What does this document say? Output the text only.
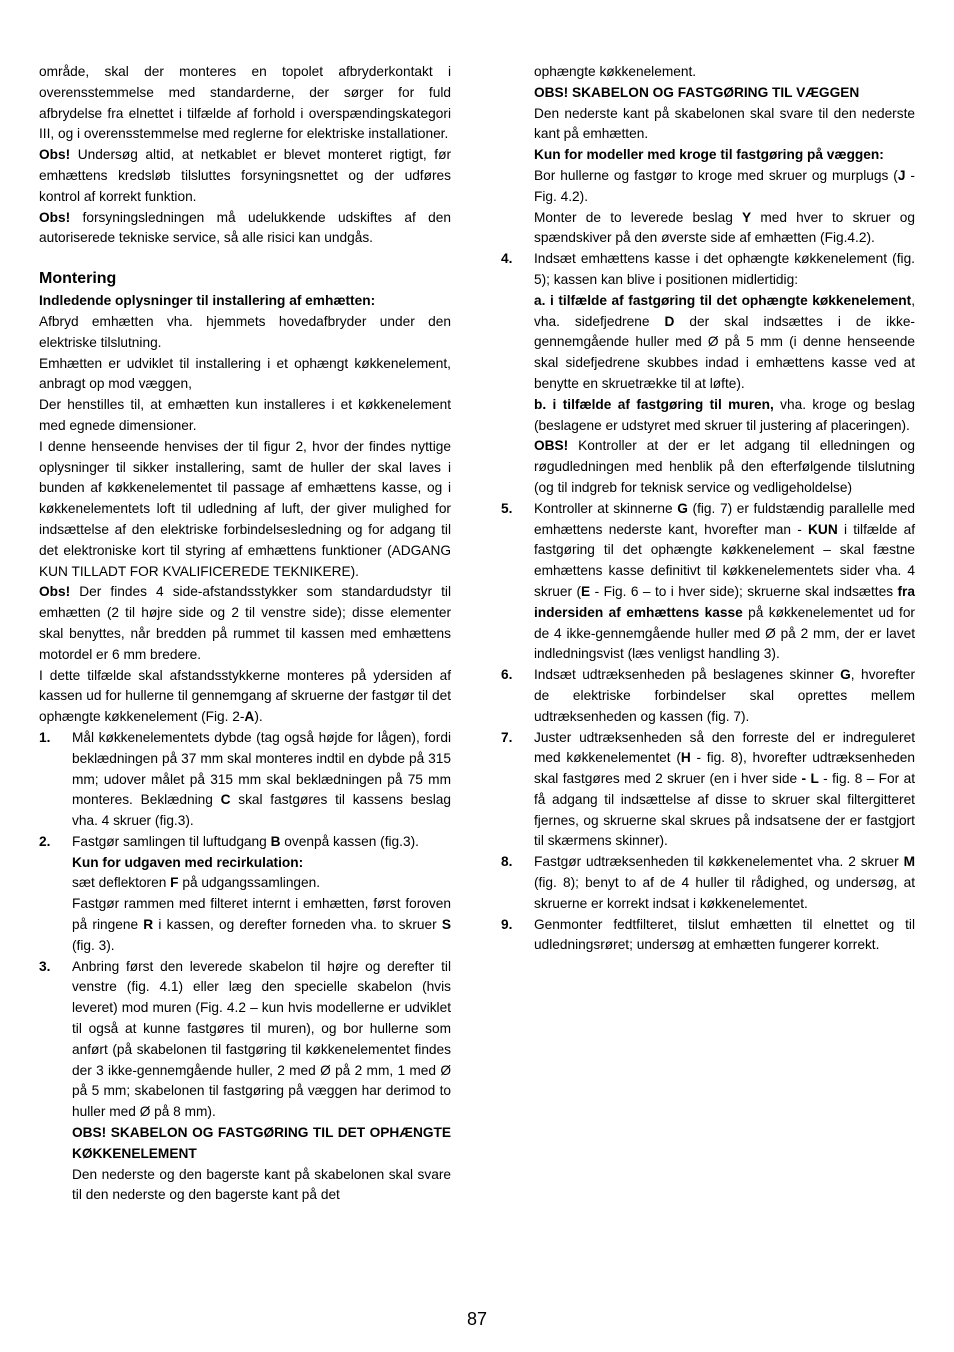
område, skal der monteres en topolet afbryderkontakt i overensstemmelse med standarderne, der sørger for fuld afbrydelse fra elnettet i tilfælde af forhold i overspændingskategori III, og i overensstemmelse med reglerne for elektriske installationer.

Obs! Undersøg altid, at netkablet er blevet monteret rigtigt, før emhættens kredsløb tilsluttes forsyningsnettet og der udføres kontrol af korrekt funktion.

Obs! forsyningsledningen må udelukkende udskiftes af den autoriserede tekniske service, så alle risici kan undgås.

Montering

Indledende oplysninger til installering af emhætten:

Afbryd emhætten vha. hjemmets hovedafbryder under den elektriske tilslutning.

Emhætten er udviklet til installering i et ophængt køkkenelement, anbragt op mod væggen,

Der henstilles til, at emhætten kun installeres i et køkkenelement med egnede dimensioner.

I denne henseende henvises der til figur 2, hvor der findes nyttige oplysninger til sikker installering, samt de huller der skal laves i bunden af køkkenelementet til passage af emhættens kasse, og i køkkenelementets loft til udledning af luft, der giver mulighed for indsættelse af den elektriske forbindelsesledning og for adgang til det elektroniske kort til styring af emhættens funktioner (ADGANG KUN TILLADT FOR KVALIFICEREDE TEKNIKERE).

Obs! Der findes 4 side-afstandsstykker som standardudstyr til emhætten (2 til højre side og 2 til venstre side); disse elementer skal benyttes, når bredden på rummet til kassen med emhættens motordel er 6 mm bredere.

I dette tilfælde skal afstandsstykkerne monteres på ydersiden af kassen ud for hullerne til gennemgang af skruerne der fastgør til det ophængte køkkenelement (Fig. 2-A).

1. Mål køkkenelementets dybde (tag også højde for lågen), fordi beklædningen på 37 mm skal monteres indtil en dybde på 315 mm; udover målet på 315 mm skal beklædningen på 75 mm monteres. Beklædning C skal fastgøres til kassens beslag vha. 4 skruer (fig.3).

2. Fastgør samlingen til luftudgang B ovenpå kassen (fig.3).

Kun for udgaven med recirkulation:

sæt deflektoren F på udgangssamlingen.

Fastgør rammen med filteret internt i emhætten, først foroven på ringene R i kassen, og derefter forneden vha. to skruer S (fig. 3).

3. Anbring først den leverede skabelon til højre og derefter til venstre (fig. 4.1) eller læg den specielle skabelon (hvis leveret) mod muren (Fig. 4.2 – kun hvis modellerne er udviklet til også at kunne fastgøres til muren), og bor hullerne som anført (på skabelonen til fastgøring til køkkenelementet findes der 3 ikke-gennemgående huller, 2 med Ø på 2 mm, 1 med Ø på 5 mm; skabelonen til fastgøring på væggen har derimod to huller med Ø på 8 mm).

OBS! SKABELON OG FASTGØRING TIL DET OPHÆNGTE KØKKENELEMENT

Den nederste og den bagerste kant på skabelonen skal svare til den nederste og den bagerste kant på det

ophængte køkkenelement.

OBS! SKABELON OG FASTGØRING TIL VÆGGEN

Den nederste kant på skabelonen skal svare til den nederste kant på emhætten.

Kun for modeller med kroge til fastgøring på væggen:

Bor hullerne og fastgør to kroge med skruer og murplugs (J - Fig. 4.2).

Monter de to leverede beslag Y med hver to skruer og spændskiver på den øverste side af emhætten (Fig.4.2).

4. Indsæt emhættens kasse i det ophængte køkkenelement (fig. 5); kassen kan blive i positionen midlertidig:

a. i tilfælde af fastgøring til det ophængte køkkenelement, vha. sidefjedrene D der skal indsættes i de ikke-gennemgående huller med Ø på 5 mm (i denne henseende skal sidefjedrene skubbes indad i emhættens kasse ved at benytte en skruetrække til at løfte).

b. i tilfælde af fastgøring til muren, vha. kroge og beslag (beslagene er udstyret med skruer til justering af placeringen).

OBS! Kontroller at der er let adgang til elledningen og røgudledningen med henblik på den efterfølgende tilslutning (og til indgreb for teknisk service og vedligeholdelse)

5. Kontroller at skinnerne G (fig. 7) er fuldstændig parallelle med emhættens nederste kant, hvorefter man - KUN i tilfælde af fastgøring til det ophængte køkkenelement – skal fæstne emhættens kasse definitivt til køkkenelementets sider vha. 4 skruer (E - Fig. 6 – to i hver side); skruerne skal indsættes fra indersiden af emhættens kasse på køkkenelementet ud for de 4 ikke-gennemgående huller med Ø på 2 mm, der er lavet indledningsvist (læs venligst handling 3).

6. Indsæt udtræksenheden på beslagenes skinner G, hvorefter de elektriske forbindelser skal oprettes mellem udtræksenheden og kassen (fig. 7).

7. Juster udtræksenheden så den forreste del er indreguleret med køkkenelementet (H - fig. 8), hvorefter udtræksenheden skal fastgøres med 2 skruer (en i hver side - L - fig. 8 – For at få adgang til indsættelse af disse to skruer skal filtergitteret fjernes, og skruerne skal skrues på indsatsene der er fastgjort til skærmens skinner).

8. Fastgør udtræksenheden til køkkenelementet vha. 2 skruer M (fig. 8); benyt to af de 4 huller til rådighed, og undersøg, at skruerne er korrekt indsat i køkkenelementet.

9. Genmonter fedtfilteret, tilslut emhætten til elnettet og til udledningsrøret; undersøg at emhætten fungerer korrekt.

87
